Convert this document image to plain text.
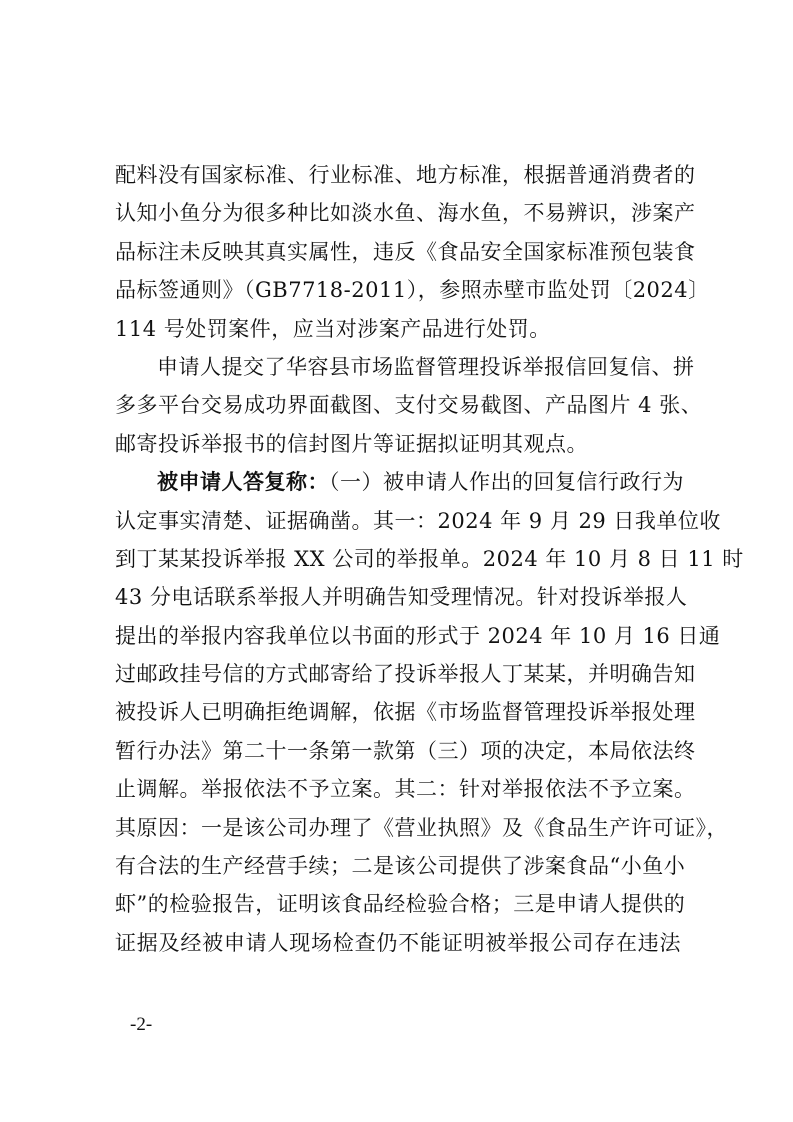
配料没有国家标准、行业标准、地方标准，根据普通消费者的
认知小鱼分为很多种比如淡水鱼、海水鱼，不易辨识，涉案产
品标注未反映其真实属性，违反《食品安全国家标准预包装食
品标签通则》（GB7718-2011），参照赤壁市监处罚〔2024〕
114 号处罚案件，应当对涉案产品进行处罚。
申请人提交了华容县市场监督管理投诉举报信回复信、拼
多多平台交易成功界面截图、支付交易截图、产品图片 4 张、
邮寄投诉举报书的信封图片等证据拟证明其观点。
被申请人答复称：（一）被申请人作出的回复信行政行为
认定事实清楚、证据确凿。其一：2024 年 9 月 29 日我单位收
到丁某某投诉举报 XX 公司的举报单。2024 年 10 月 8 日 11 时
43 分电话联系举报人并明确告知受理情况。针对投诉举报人
提出的举报内容我单位以书面的形式于 2024 年 10 月 16 日通
过邮政挂号信的方式邮寄给了投诉举报人丁某某，并明确告知
被投诉人已明确拒绝调解，依据《市场监督管理投诉举报处理
暂行办法》第二十一条第一款第（三）项的决定，本局依法终
止调解。举报依法不予立案。其二：针对举报依法不予立案。
其原因：一是该公司办理了《营业执照》及《食品生产许可证》，
有合法的生产经营手续；二是该公司提供了涉案食品“小鱼小
虾”的检验报告，证明该食品经检验合格；三是申请人提供的
证据及经被申请人现场检查仍不能证明被举报公司存在违法
-2-
